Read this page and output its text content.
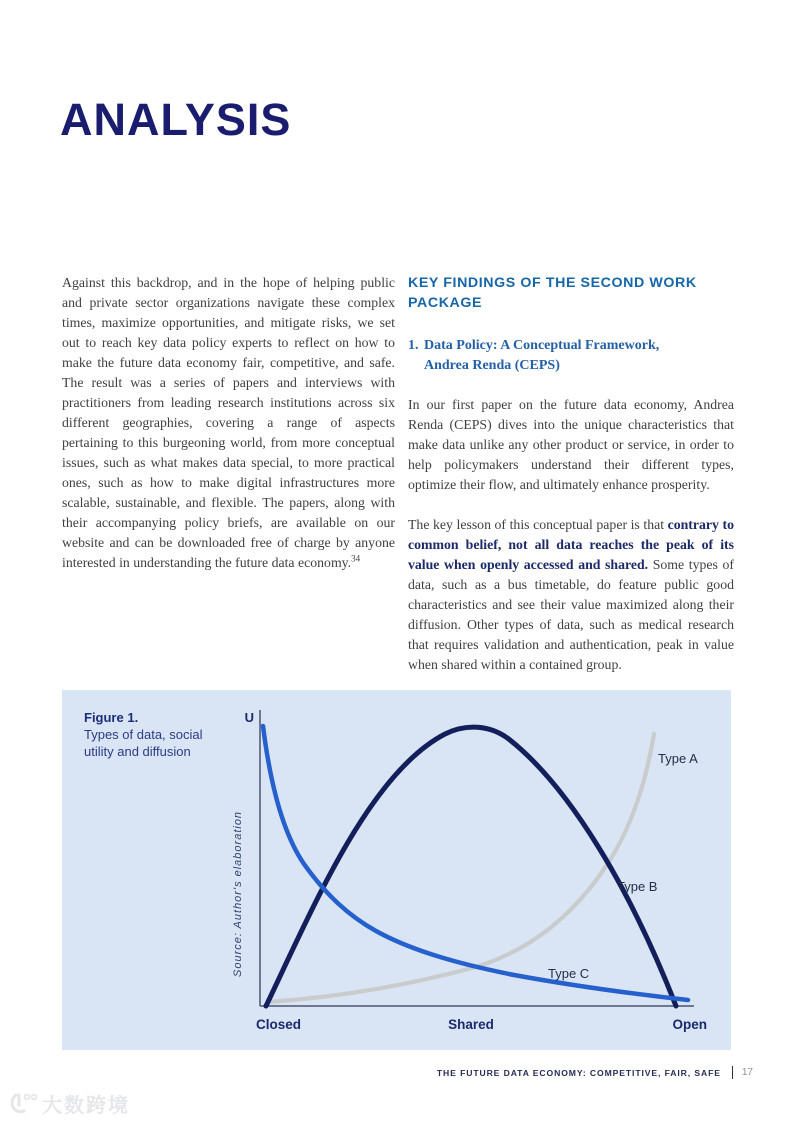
ANALYSIS

Against this backdrop, and in the hope of helping public and private sector organizations navigate these complex times, maximize opportunities, and mitigate risks, we set out to reach key data policy experts to reflect on how to make the future data economy fair, competitive, and safe. The result was a series of papers and interviews with practitioners from leading research institutions across six different geographies, covering a range of aspects pertaining to this burgeoning world, from more conceptual issues, such as what makes data special, to more practical ones, such as how to make digital infrastructures more scalable, sustainable, and flexible. The papers, along with their accompanying policy briefs, are available on our website and can be downloaded free of charge by anyone interested in understanding the future data economy.$^{34}$

KEY FINDINGS OF THE SECOND WORK PACKAGE
1. Data Policy: A Conceptual Framework,
Andrea Renda (CEPS)

In our first paper on the future data economy, Andrea Renda (CEPS) dives into the unique characteristics that make data unlike any other product or service, in order to help policymakers understand their different types, optimize their flow, and ultimately enhance prosperity.

The key lesson of this conceptual paper is that contrary to common belief, not all data reaches the peak of its value when openly accessed and shared. Some types of data, such as a bus timetable, do feature public good characteristics and see their value maximized along their diffusion. Other types of data, such as medical research that requires validation and authentication, peak in value when shared within a contained group.

Figure 1.
Types of data, social
utility and diffusion
U
Closed	Shared	Open
Type A
Type B
Type C
Source: Author's elaboration
THE FUTURE DATA ECONOMY: COMPETITIVE, FAIR, SAFE 17
大数跨境
